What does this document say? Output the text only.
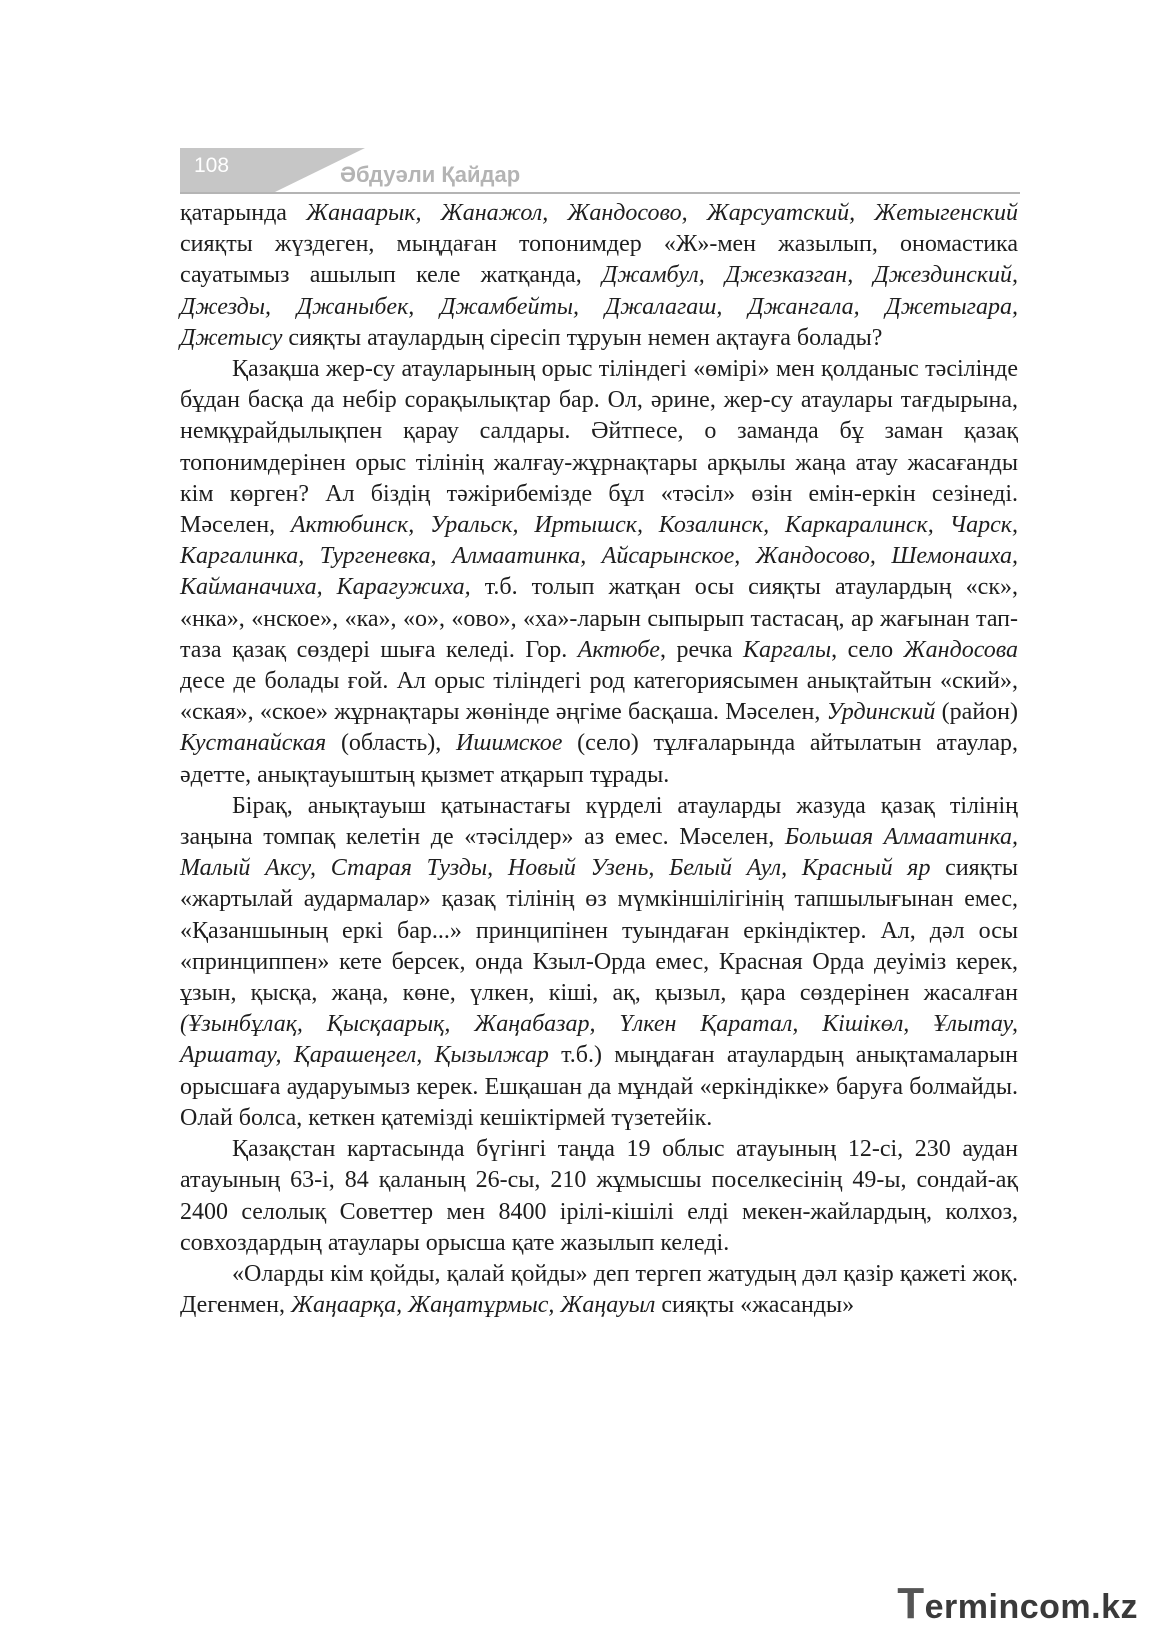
108	Әбдуәли Қайдар

қатарында Жанаарык, Жанажол, Жандосово, Жарсуатский, Жетыгенский сияқты жүздеген, мыңдаған топонимдер «Ж»-мен жазылып, ономастика сауатымыз ашылып келе жатқанда, Джамбул, Джезказган, Джездинский, Джезды, Джаныбек, Джамбейты, Джалагаш, Джангала, Джетыгара, Джетысу сияқты атаулардың сіресіп тұруын немен ақтауға болады?

Қазақша жер-су атауларының орыс тіліндегі «өмірі» мен қолданыс тәсілінде бұдан басқа да небір сорақылықтар бар. Ол, әрине, жер-су атаулары тағдырына, немқұрайдылықпен қарау салдары. Әйтпесе, о заманда бұ заман қазақ топонимдерінен орыс тілінің жалғау-жұрнақтары арқылы жаңа атау жасағанды кім көрген? Ал біздің тәжірибемізде бұл «тәсіл» өзін емін-еркін сезінеді. Мәселен, Актюбинск, Уральск, Иртышск, Козалинск, Каркаралинск, Чарск, Каргалинка, Тургеневка, Алмаатинка, Айсарынское, Жандосово, Шемонаиха, Кайманачиха, Карагужиха, т.б. толып жатқан осы сияқты атаулардың «ск», «нка», «нское», «ка», «о», «ово», «ха»-ларын сыпырып тастасаң, ар жағынан тап-таза қазақ сөздері шыға келеді. Гор. Актюбе, речка Каргалы, село Жандосова десе де болады ғой. Ал орыс тіліндегі род категориясымен анықтайтын «ский», «ская», «ское» жұрнақтары жөнінде әңгіме басқаша. Мәселен, Урдинский (район) Кустанайская (область), Ишимское (село) тұлғаларында айтылатын атаулар, әдетте, анықтауыштың қызмет атқарып тұрады.

Бірақ, анықтауыш қатынастағы күрделі атауларды жазуда қазақ тілінің заңына томпақ келетін де «тәсілдер» аз емес. Мәселен, Большая Алмаатинка, Малый Аксу, Старая Тузды, Новый Узень, Белый Аул, Красный яр сияқты «жартылай аудармалар» қазақ тілінің өз мүмкіншілігінің тапшылығынан емес, «Қазаншының еркі бар...» принципінен туындаған еркіндіктер. Ал, дәл осы «принциппен» кете берсек, онда Кзыл-Орда емес, Красная Орда деуіміз керек, ұзын, қысқа, жаңа, көне, үлкен, кіші, ақ, қызыл, қара сөздерінен жасалған (Ұзынбұлақ, Қысқаарық, Жаңабазар, Үлкен Қаратал, Кішікөл, Ұлытау, Аршатау, Қарашеңгел, Қызылжар т.б.) мыңдаған атаулардың анықтамаларын орысшаға аударуымыз керек. Ешқашан да мұндай «еркіндікке» баруға болмайды. Олай болса, кеткен қатемізді кешіктірмей түзетейік.

Қазақстан картасында бүгінгі таңда 19 облыс атауының 12-сі, 230 аудан атауының 63-і, 84 қаланың 26-сы, 210 жұмысшы поселкесінің 49-ы, сондай-ақ 2400 селолық Советтер мен 8400 ірілі-кішілі елді мекен-жайлардың, колхоз, совхоздардың атаулары орысша қате жазылып келеді.

«Оларды кім қойды, қалай қойды» деп тергеп жатудың дәл қазір қажеті жоқ. Дегенмен, Жаңаарқа, Жаңатұрмыс, Жаңауыл сияқты «жасанды»

Termincom.kz
